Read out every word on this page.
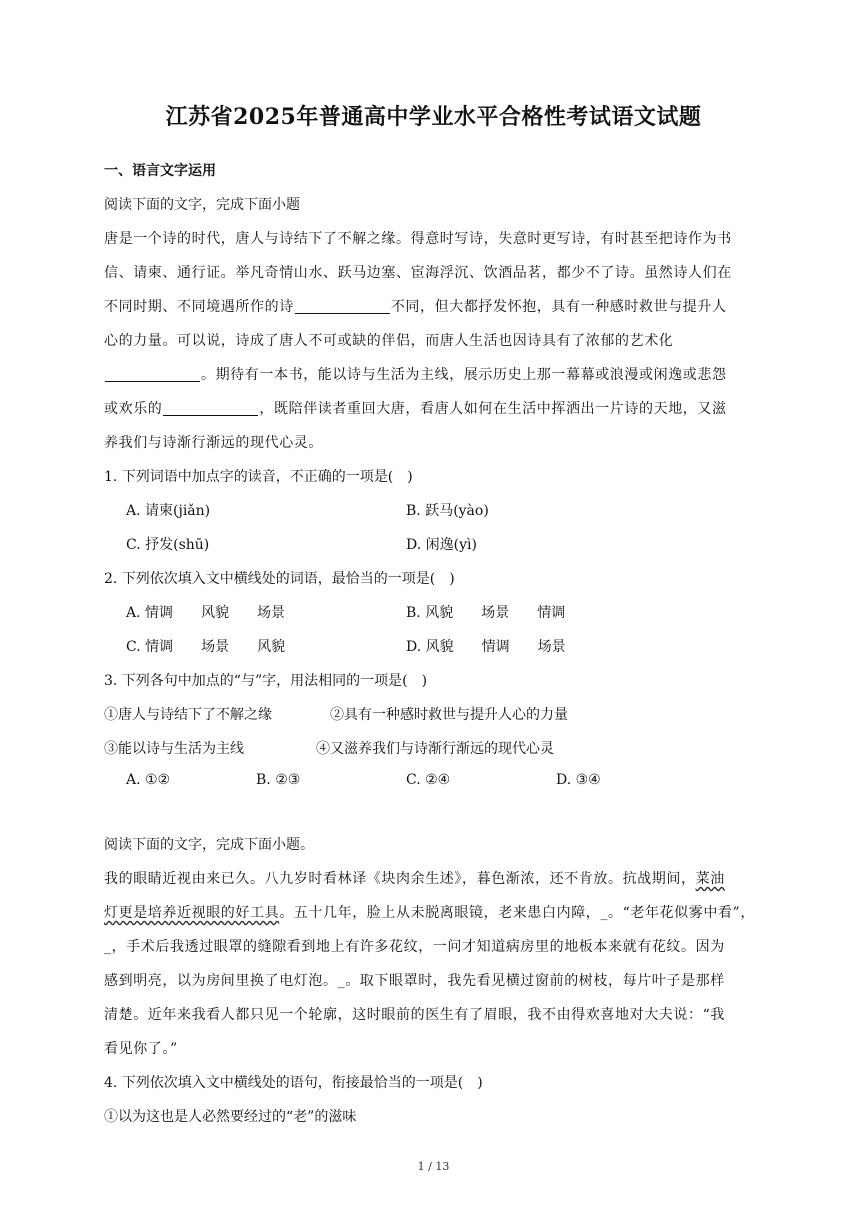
江苏省2025年普通高中学业水平合格性考试语文试题
一、语言文字运用
阅读下面的文字，完成下面小题
唐是一个诗的时代，唐人与诗结下了不解之缘。得意时写诗，失意时更写诗，有时甚至把诗作为书
信、请柬、通行证。举凡奇情山水、跃马边塞、宦海浮沉、饮酒品茗，都少不了诗。虽然诗人们在
不同时期、不同境遇所作的诗	不同，但大都抒发怀抱，具有一种感时救世与提升人
心的力量。可以说，诗成了唐人不可或缺的伴侣，而唐人生活也因诗具有了浓郁的艺术化
。期待有一本书，能以诗与生活为主线，展示历史上那一幕幕或浪漫或闲逸或悲怨
或欢乐的	，既陪伴读者重回大唐，看唐人如何在生活中挥洒出一片诗的天地，又滋
养我们与诗渐行渐远的现代心灵。
1. 下列词语中加点字的读音，不正确的一项是(　)
A. 请柬(jiǎn)	B. 跃马(yào)
C. 抒发(shū)	D. 闲逸(yì)
2. 下列依次填入文中横线处的词语，最恰当的一项是(　)
A. 情调　　风貌　　场景	B. 风貌　　场景　　情调
C. 情调　　场景　　风貌	D. 风貌　　情调　　场景
3. 下列各句中加点的“与”字，用法相同的一项是(　)
①唐人与诗结下了不解之缘	②具有一种感时救世与提升人心的力量
③能以诗与生活为主线	④又滋养我们与诗渐行渐远的现代心灵
A. ①②	B. ②③	C. ②④	D. ③④
阅读下面的文字，完成下面小题。
我的眼睛近视由来已久。八九岁时看林译《块肉余生述》，暮色渐浓，还不肯放。抗战期间，菜油
灯更是培养近视眼的好工具。五十几年，脸上从未脱离眼镜，老来患白内障，_。“老年花似雾中看”，
_，手术后我透过眼罩的缝隙看到地上有许多花纹，一问才知道病房里的地板本来就有花纹。因为
感到明亮，以为房间里换了电灯泡。_。取下眼罩时，我先看见横过窗前的树枝，每片叶子是那样
清楚。近年来我看人都只见一个轮廓，这时眼前的医生有了眉眼，我不由得欢喜地对大夫说：“我
看见你了。”
4. 下列依次填入文中横线处的语句，衔接最恰当的一项是(　)
①以为这也是人必然要经过的“老”的滋味
1 / 13
